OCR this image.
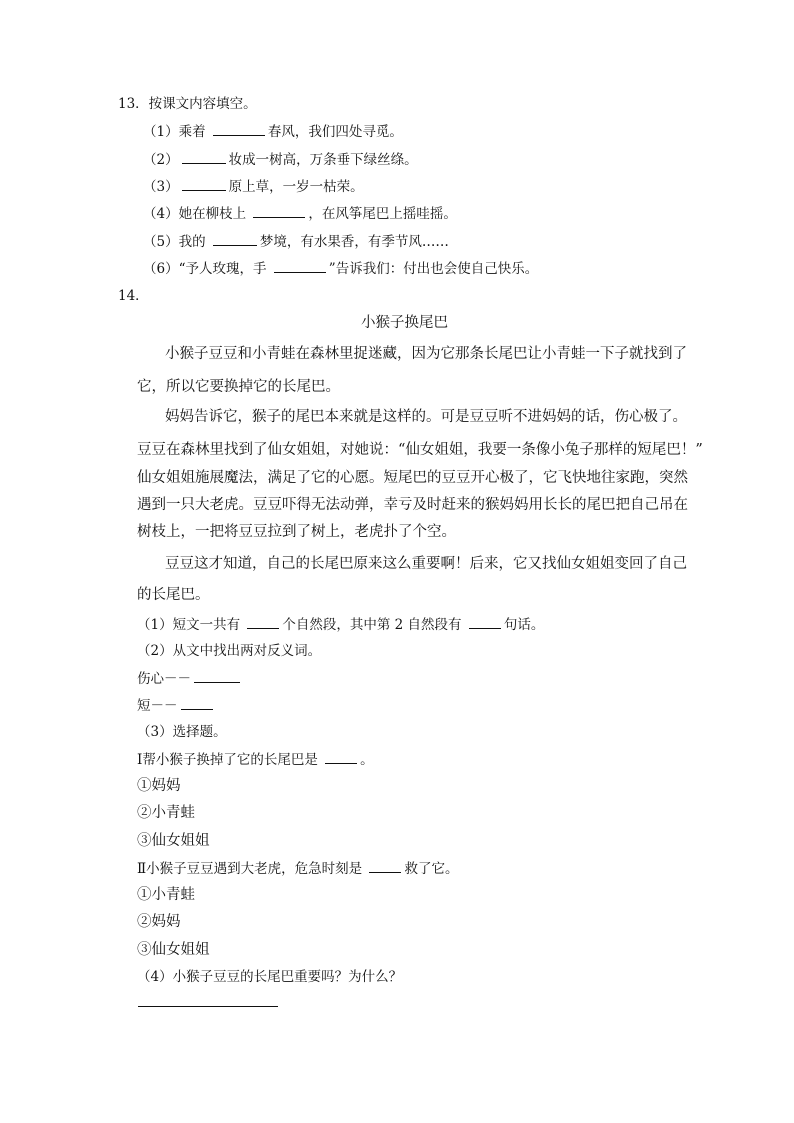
13．按课文内容填空。
（1）乘着	春风，我们四处寻觅。
（2）	妆成一树高，万条垂下绿丝绦。
（3）	原上草，一岁一枯荣。
（4）她在柳枝上	，在风筝尾巴上摇哇摇。
（5）我的	梦境，有水果香，有季节风……
（6）“予人玫瑰，手	”告诉我们：付出也会使自己快乐。
14．
小猴子换尾巴
小猴子豆豆和小青蛙在森林里捉迷藏，因为它那条长尾巴让小青蛙一下子就找到了
它，所以它要换掉它的长尾巴。
妈妈告诉它，猴子的尾巴本来就是这样的。可是豆豆听不进妈妈的话，伤心极了。
豆豆在森林里找到了仙女姐姐，对她说：“仙女姐姐，我要一条像小兔子那样的短尾巴！”
仙女姐姐施展魔法，满足了它的心愿。短尾巴的豆豆开心极了，它飞快地往家跑，突然
遇到一只大老虎。豆豆吓得无法动弹，幸亏及时赶来的猴妈妈用长长的尾巴把自己吊在
树枝上，一把将豆豆拉到了树上，老虎扑了个空。
豆豆这才知道，自己的长尾巴原来这么重要啊！后来，它又找仙女姐姐变回了自己
的长尾巴。
（1）短文一共有	个自然段，其中第 2 自然段有	句话。
（2）从文中找出两对反义词。
伤心－－
短－－
（3）选择题。
Ⅰ帮小猴子换掉了它的长尾巴是	。
①妈妈
②小青蛙
③仙女姐姐
Ⅱ小猴子豆豆遇到大老虎，危急时刻是	救了它。
①小青蛙
②妈妈
③仙女姐姐
（4）小猴子豆豆的长尾巴重要吗？为什么？
